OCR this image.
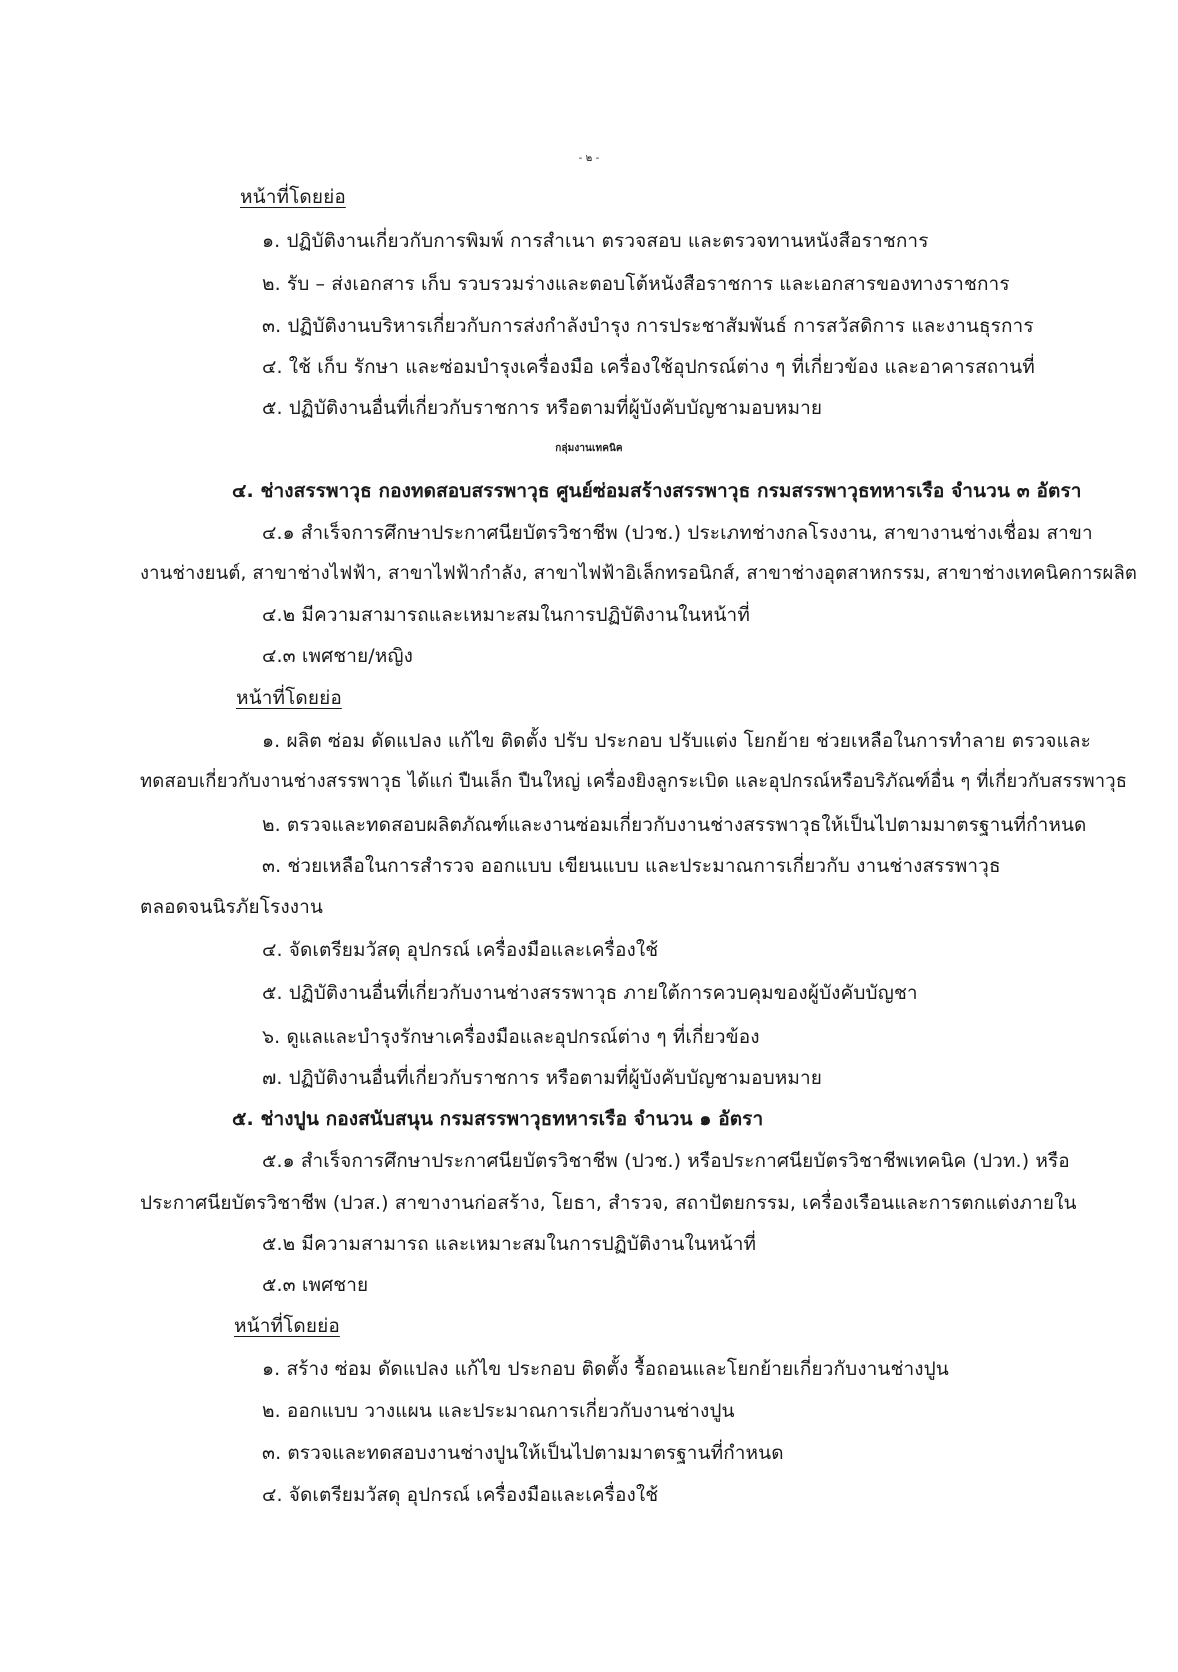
- ๒ -
หน้าที่โดยย่อ
๑. ปฏิบัติงานเกี่ยวกับการพิมพ์ การสำเนา ตรวจสอบ และตรวจทานหนังสือราชการ
๒. รับ – ส่งเอกสาร เก็บ รวบรวมร่างและตอบโต้หนังสือราชการ และเอกสารของทางราชการ
๓. ปฏิบัติงานบริหารเกี่ยวกับการส่งกำลังบำรุง การประชาสัมพันธ์ การสวัสดิการ และงานธุรการ
๔. ใช้ เก็บ รักษา และซ่อมบำรุงเครื่องมือ เครื่องใช้อุปกรณ์ต่าง ๆ ที่เกี่ยวข้อง และอาคารสถานที่
๕. ปฏิบัติงานอื่นที่เกี่ยวกับราชการ หรือตามที่ผู้บังคับบัญชามอบหมาย
กลุ่มงานเทคนิค
๔. ช่างสรรพาวุธ กองทดสอบสรรพาวุธ ศูนย์ซ่อมสร้างสรรพาวุธ กรมสรรพาวุธทหารเรือ จำนวน ๓ อัตรา
๔.๑ สำเร็จการศึกษาประกาศนียบัตรวิชาชีพ (ปวช.) ประเภทช่างกลโรงงาน, สาขางานช่างเชื่อม สาขา
งานช่างยนต์, สาขาช่างไฟฟ้า, สาขาไฟฟ้ากำลัง, สาขาไฟฟ้าอิเล็กทรอนิกส์, สาขาช่างอุตสาหกรรม, สาขาช่างเทคนิคการผลิต
๔.๒ มีความสามารถและเหมาะสมในการปฏิบัติงานในหน้าที่
๔.๓ เพศชาย/หญิง
หน้าที่โดยย่อ
๑. ผลิต ซ่อม ดัดแปลง แก้ไข ติดตั้ง ปรับ ประกอบ ปรับแต่ง โยกย้าย ช่วยเหลือในการทำลาย ตรวจและ
ทดสอบเกี่ยวกับงานช่างสรรพาวุธ ได้แก่ ปืนเล็ก ปืนใหญ่ เครื่องยิงลูกระเบิด และอุปกรณ์หรือบริภัณฑ์อื่น ๆ ที่เกี่ยวกับสรรพาวุธ
๒. ตรวจและทดสอบผลิตภัณฑ์และงานซ่อมเกี่ยวกับงานช่างสรรพาวุธให้เป็นไปตามมาตรฐานที่กำหนด
๓. ช่วยเหลือในการสำรวจ ออกแบบ เขียนแบบ และประมาณการเกี่ยวกับ งานช่างสรรพาวุธ
ตลอดจนนิรภัยโรงงาน
๔. จัดเตรียมวัสดุ อุปกรณ์ เครื่องมือและเครื่องใช้
๕. ปฏิบัติงานอื่นที่เกี่ยวกับงานช่างสรรพาวุธ ภายใต้การควบคุมของผู้บังคับบัญชา
๖. ดูแลและบำรุงรักษาเครื่องมือและอุปกรณ์ต่าง ๆ ที่เกี่ยวข้อง
๗. ปฏิบัติงานอื่นที่เกี่ยวกับราชการ หรือตามที่ผู้บังคับบัญชามอบหมาย
๕. ช่างปูน กองสนับสนุน กรมสรรพาวุธทหารเรือ จำนวน ๑ อัตรา
๕.๑ สำเร็จการศึกษาประกาศนียบัตรวิชาชีพ (ปวช.) หรือประกาศนียบัตรวิชาชีพเทคนิค (ปวท.) หรือ
ประกาศนียบัตรวิชาชีพ (ปวส.) สาขางานก่อสร้าง, โยธา, สำรวจ, สถาปัตยกรรม, เครื่องเรือนและการตกแต่งภายใน
๕.๒ มีความสามารถ และเหมาะสมในการปฏิบัติงานในหน้าที่
๕.๓ เพศชาย
หน้าที่โดยย่อ
๑. สร้าง ซ่อม ดัดแปลง แก้ไข ประกอบ ติดตั้ง รื้อถอนและโยกย้ายเกี่ยวกับงานช่างปูน
๒. ออกแบบ วางแผน และประมาณการเกี่ยวกับงานช่างปูน
๓. ตรวจและทดสอบงานช่างปูนให้เป็นไปตามมาตรฐานที่กำหนด
๔. จัดเตรียมวัสดุ อุปกรณ์ เครื่องมือและเครื่องใช้
